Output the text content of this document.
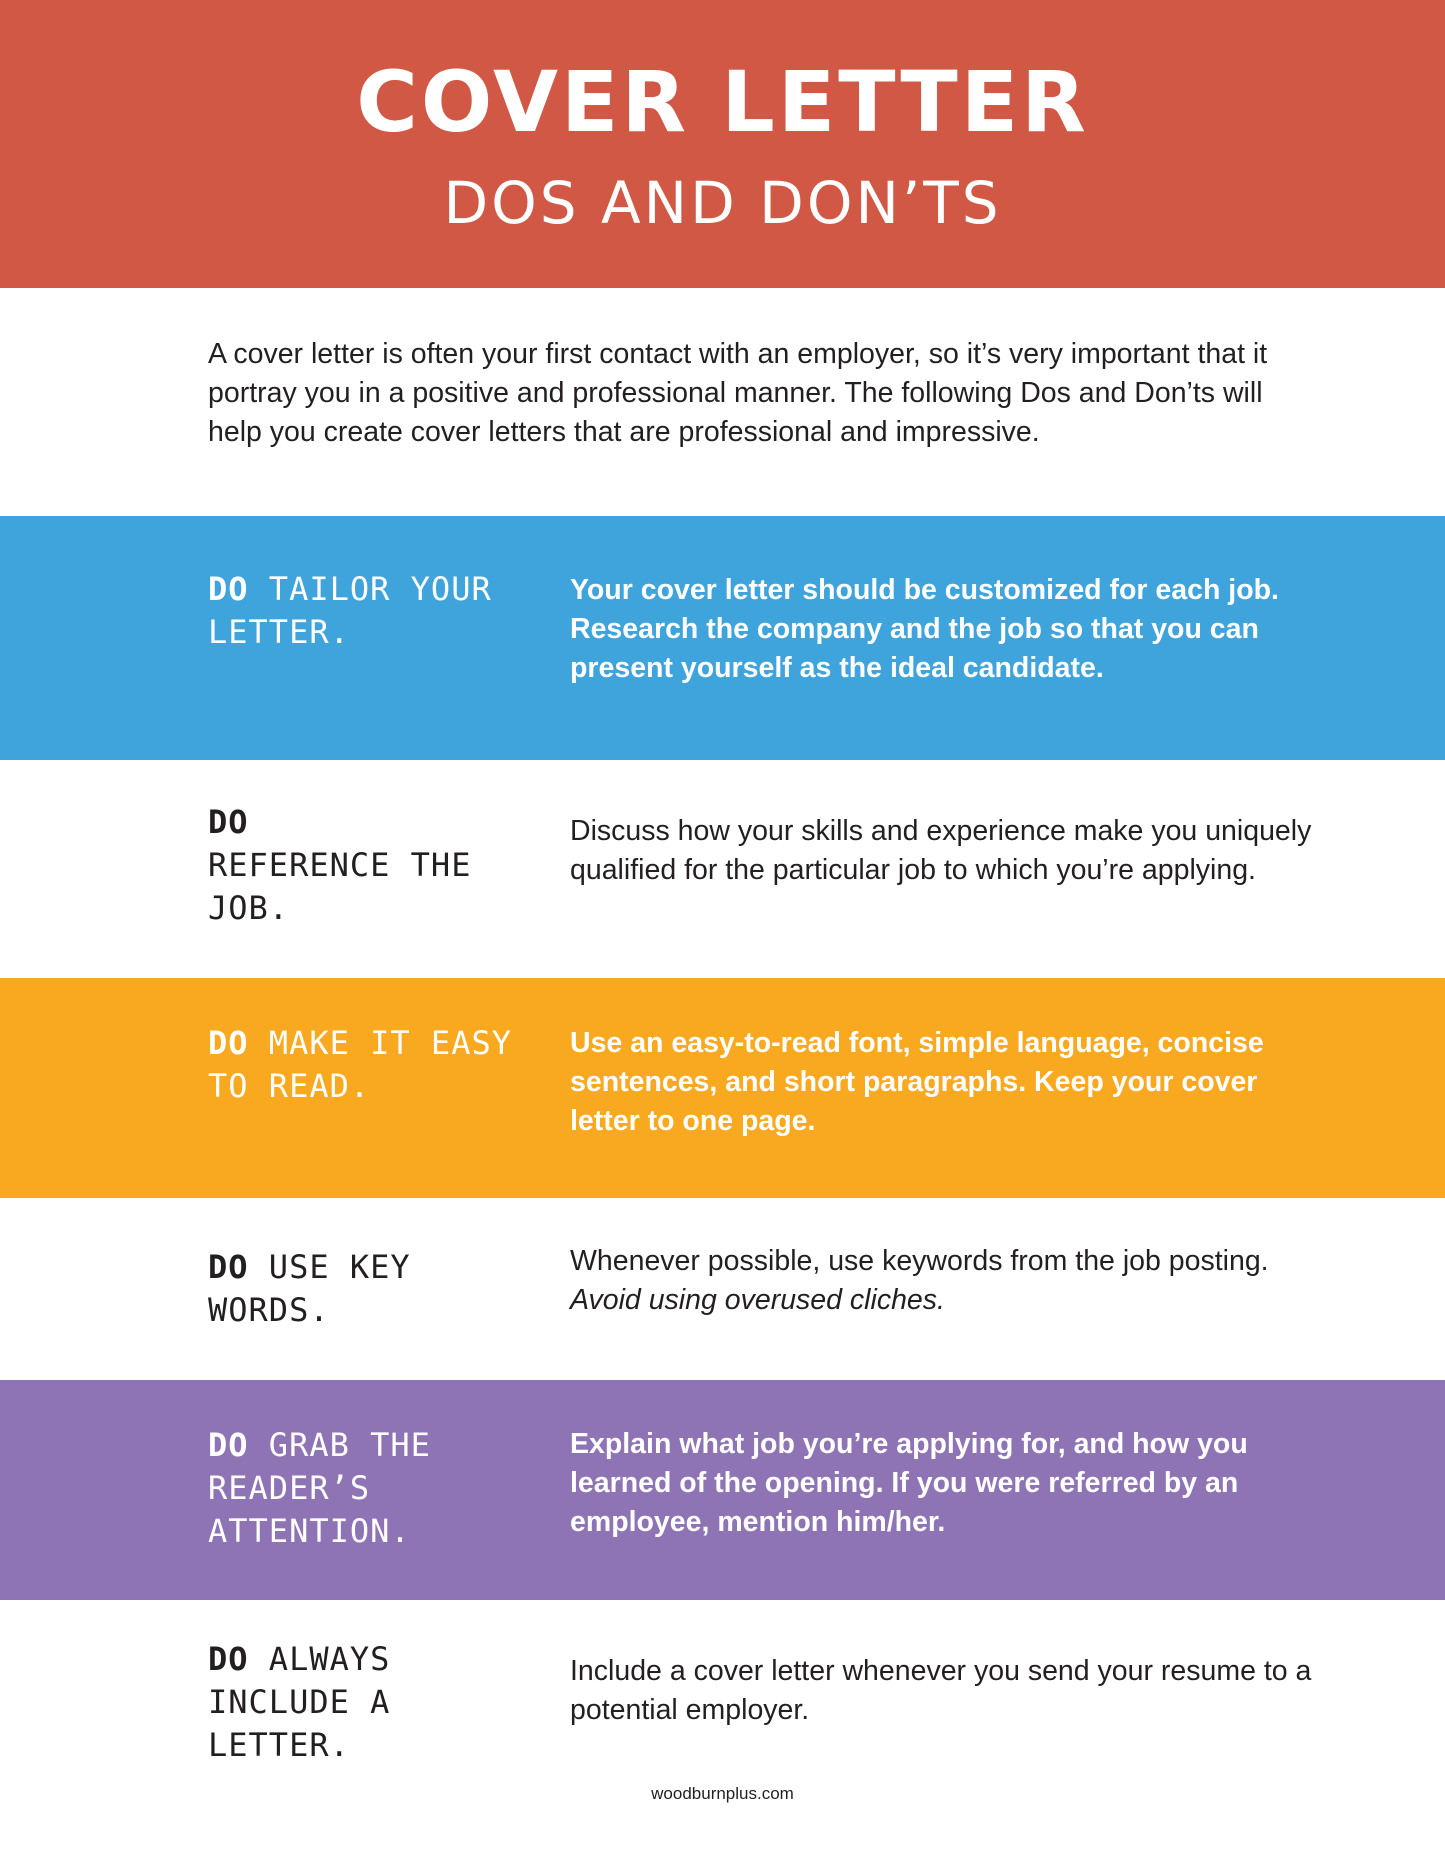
COVER LETTER
DOS AND DON’TS
A cover letter is often your first contact with an employer, so it’s very important that it portray you in a positive and professional manner. The following Dos and Don’ts will help you create cover letters that are professional and impressive.
DO TAILOR YOUR LETTER.
Your cover letter should be customized for each job. Research the company and the job so that you can present yourself as the ideal candidate.
DO
REFERENCE THE JOB.
Discuss how your skills and experience make you uniquely qualified for the particular job to which you’re applying.
DO MAKE IT EASY TO READ.
Use an easy-to-read font, simple language, concise sentences, and short paragraphs. Keep your cover letter to one page.
DO USE KEY WORDS.
Whenever possible, use keywords from the job posting.
Avoid using overused cliches.
DO GRAB THE READER’S ATTENTION.
Explain what job you’re applying for, and how you learned of the opening. If you were referred by an employee, mention him/her.
DO ALWAYS INCLUDE A LETTER.
Include a cover letter whenever you send your resume to a potential employer.
woodburnplus.com
